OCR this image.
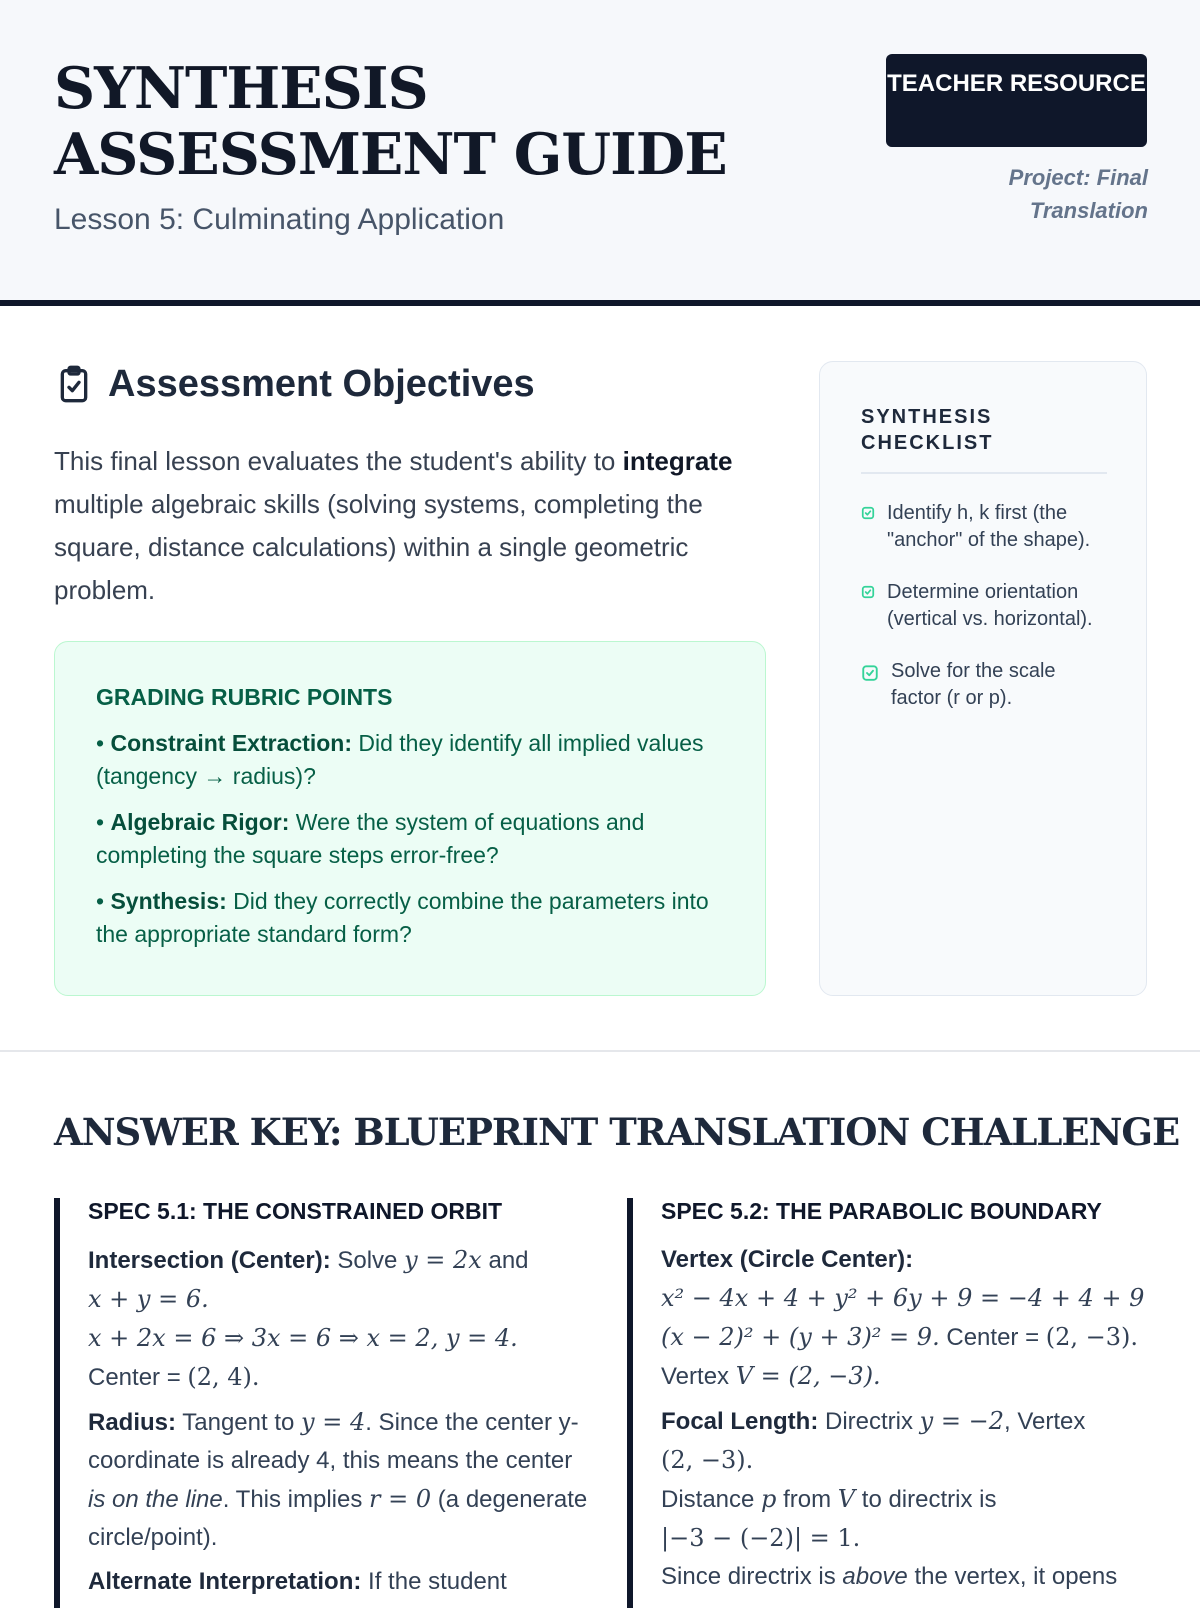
SYNTHESIS ASSESSMENT GUIDE
Lesson 5: Culminating Application
TEACHER RESOURCE
Project: Final Translation
Assessment Objectives

This final lesson evaluates the student's ability to integrate multiple algebraic skills (solving systems, completing the square, distance calculations) within a single geometric problem.

GRADING RUBRIC POINTS
• Constraint Extraction: Did they identify all implied values (tangency → radius)?
• Algebraic Rigor: Were the system of equations and completing the square steps error-free?
• Synthesis: Did they correctly combine the parameters into the appropriate standard form?
SYNTHESIS CHECKLIST
Identify h, k first (the "anchor" of the shape).
Determine orientation (vertical vs. horizontal).
Solve for the scale factor (r or p).
ANSWER KEY: BLUEPRINT TRANSLATION CHALLENGE
SPEC 5.1: THE CONSTRAINED ORBIT
Intersection (Center): Solve y = 2x and
x + y = 6.
x + 2x = 6 ⇒ 3x = 6 ⇒ x = 2, y = 4.
Center = (2, 4).
Radius: Tangent to y = 4. Since the center y-coordinate is already 4, this means the center is on the line. This implies r = 0 (a degenerate circle/point).
Alternate Interpretation: If the student
SPEC 5.2: THE PARABOLIC BOUNDARY
Vertex (Circle Center):
x² − 4x + 4 + y² + 6y + 9 = −4 + 4 + 9
(x − 2)² + (y + 3)² = 9. Center = (2, −3).
Vertex V = (2, −3).
Focal Length: Directrix y = −2, Vertex
(2, −3).
Distance p from V to directrix is
|−3 − (−2)| = 1.
Since directrix is above the vertex, it opens
